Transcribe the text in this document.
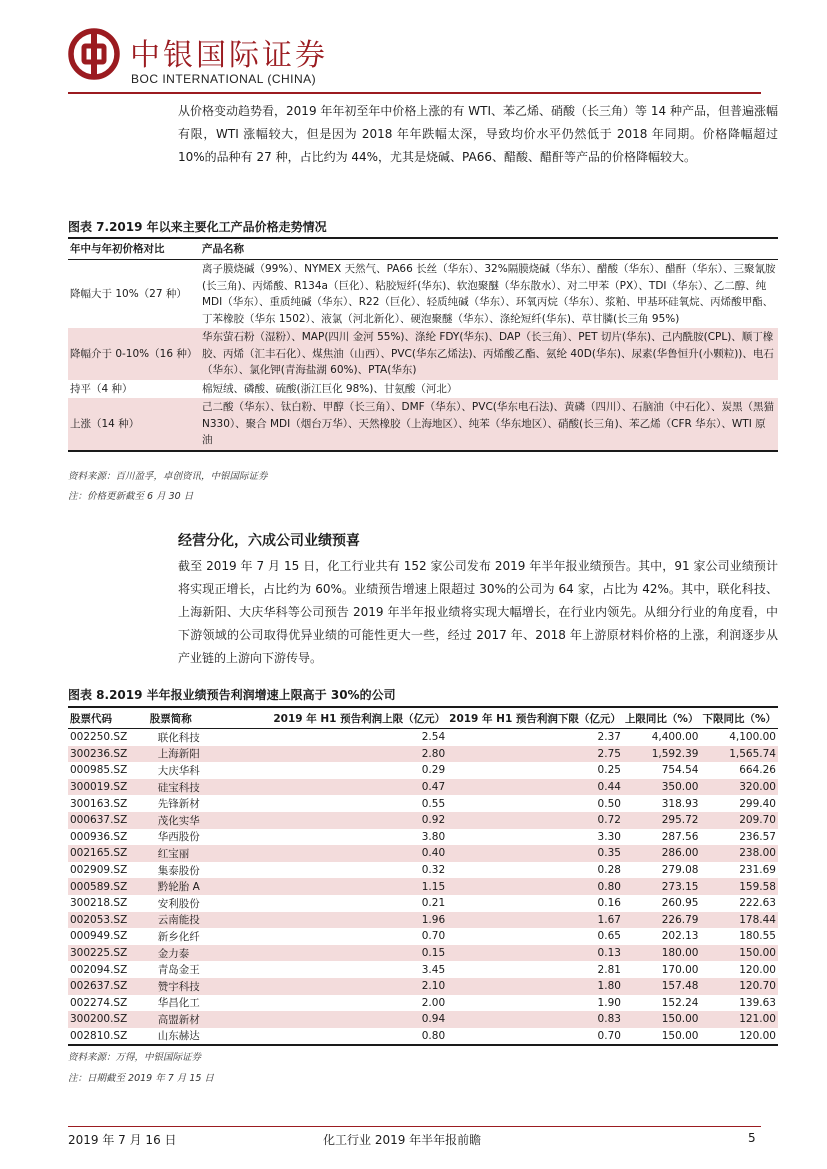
中银国际证券
BOC INTERNATIONAL (CHINA)

从价格变动趋势看，2019 年年初至年中价格上涨的有 WTI、苯乙烯、硝酸（长三角）等 14 种产品，但普遍涨幅有限，WTI 涨幅较大，但是因为 2018 年年跌幅太深，导致均价水平仍然低于 2018 年同期。价格降幅超过 10%的品种有 27 种，占比约为 44%，尤其是烧碱、PA66、醋酸、醋酐等产品的价格降幅较大。

图表 7.2019 年以来主要化工产品价格走势情况
年中与年初价格对比	产品名称
降幅大于 10%（27 种）	离子膜烧碱（99%）、NYMEX 天然气、PA66 长丝（华东）、32%隔膜烧碱（华东）、醋酸（华东）、醋酐（华东）、三聚氰胺(长三角)、丙烯酸、R134a（巨化）、粘胶短纤(华东)、软泡聚醚（华东散水）、对二甲苯（PX）、TDI（华东）、乙二醇、纯 MDI（华东）、重质纯碱（华东）、R22（巨化）、轻质纯碱（华东）、环氧丙烷（华东）、浆粕、甲基环硅氧烷、丙烯酸甲酯、丁苯橡胶（华东 1502）、液氯（河北新化）、硬泡聚醚（华东）、涤纶短纤(华东)、草甘膦(长三角 95%)
降幅介于 0-10%（16 种）	华东萤石粉（湿粉）、MAP(四川 金河 55%)、涤纶 FDY(华东)、DAP（长三角）、PET 切片(华东)、己内酰胺(CPL)、顺丁橡胶、丙烯（汇丰石化）、煤焦油（山西）、PVC(华东乙烯法)、丙烯酸乙酯、氨纶 40D(华东)、尿素(华鲁恒升(小颗粒))、电石（华东）、氯化钾(青海盐湖 60%)、PTA(华东)
持平（4 种）	棉短绒、磷酸、硫酸(浙江巨化 98%)、甘氨酸（河北）
上涨（14 种）	己二酸（华东）、钛白粉、甲醇（长三角）、DMF（华东）、PVC(华东电石法)、黄磷（四川）、石脑油（中石化）、炭黑（黑猫 N330）、聚合 MDI（烟台万华）、天然橡胶（上海地区）、纯苯（华东地区）、硝酸(长三角)、苯乙烯（CFR 华东）、WTI 原油
资料来源：百川盈孚，卓创资讯，中银国际证券
注：价格更新截至 6 月 30 日
经营分化，六成公司业绩预喜

截至 2019 年 7 月 15 日，化工行业共有 152 家公司发布 2019 年半年报业绩预告。其中，91 家公司业绩预计将实现正增长，占比约为 60%。业绩预告增速上限超过 30%的公司为 64 家，占比为 42%。其中，联化科技、上海新阳、大庆华科等公司预告 2019 年半年报业绩将实现大幅增长，在行业内领先。从细分行业的角度看，中下游领域的公司取得优异业绩的可能性更大一些，经过 2017 年、2018 年上游原材料价格的上涨，利润逐步从产业链的上游向下游传导。

图表 8.2019 半年报业绩预告利润增速上限高于 30%的公司
股票代码	股票简称	2019 年 H1 预告利润上限（亿元）	2019 年 H1 预告利润下限（亿元）	上限同比（%）	下限同比（%）
002250.SZ	联化科技	2.54	2.37	4,400.00	4,100.00
300236.SZ	上海新阳	2.80	2.75	1,592.39	1,565.74
000985.SZ	大庆华科	0.29	0.25	754.54	664.26
300019.SZ	硅宝科技	0.47	0.44	350.00	320.00
300163.SZ	先锋新材	0.55	0.50	318.93	299.40
000637.SZ	茂化实华	0.92	0.72	295.72	209.70
000936.SZ	华西股份	3.80	3.30	287.56	236.57
002165.SZ	红宝丽	0.40	0.35	286.00	238.00
002909.SZ	集泰股份	0.32	0.28	279.08	231.69
000589.SZ	黔轮胎 A	1.15	0.80	273.15	159.58
300218.SZ	安利股份	0.21	0.16	260.95	222.63
002053.SZ	云南能投	1.96	1.67	226.79	178.44
000949.SZ	新乡化纤	0.70	0.65	202.13	180.55
300225.SZ	金力泰	0.15	0.13	180.00	150.00
002094.SZ	青岛金王	3.45	2.81	170.00	120.00
002637.SZ	赞宇科技	2.10	1.80	157.48	120.70
002274.SZ	华昌化工	2.00	1.90	152.24	139.63
300200.SZ	高盟新材	0.94	0.83	150.00	121.00
002810.SZ	山东赫达	0.80	0.70	150.00	120.00
资料来源：万得，中银国际证券
注：日期截至 2019 年 7 月 15 日
2019 年 7 月 16 日	化工行业 2019 年半年报前瞻	5
